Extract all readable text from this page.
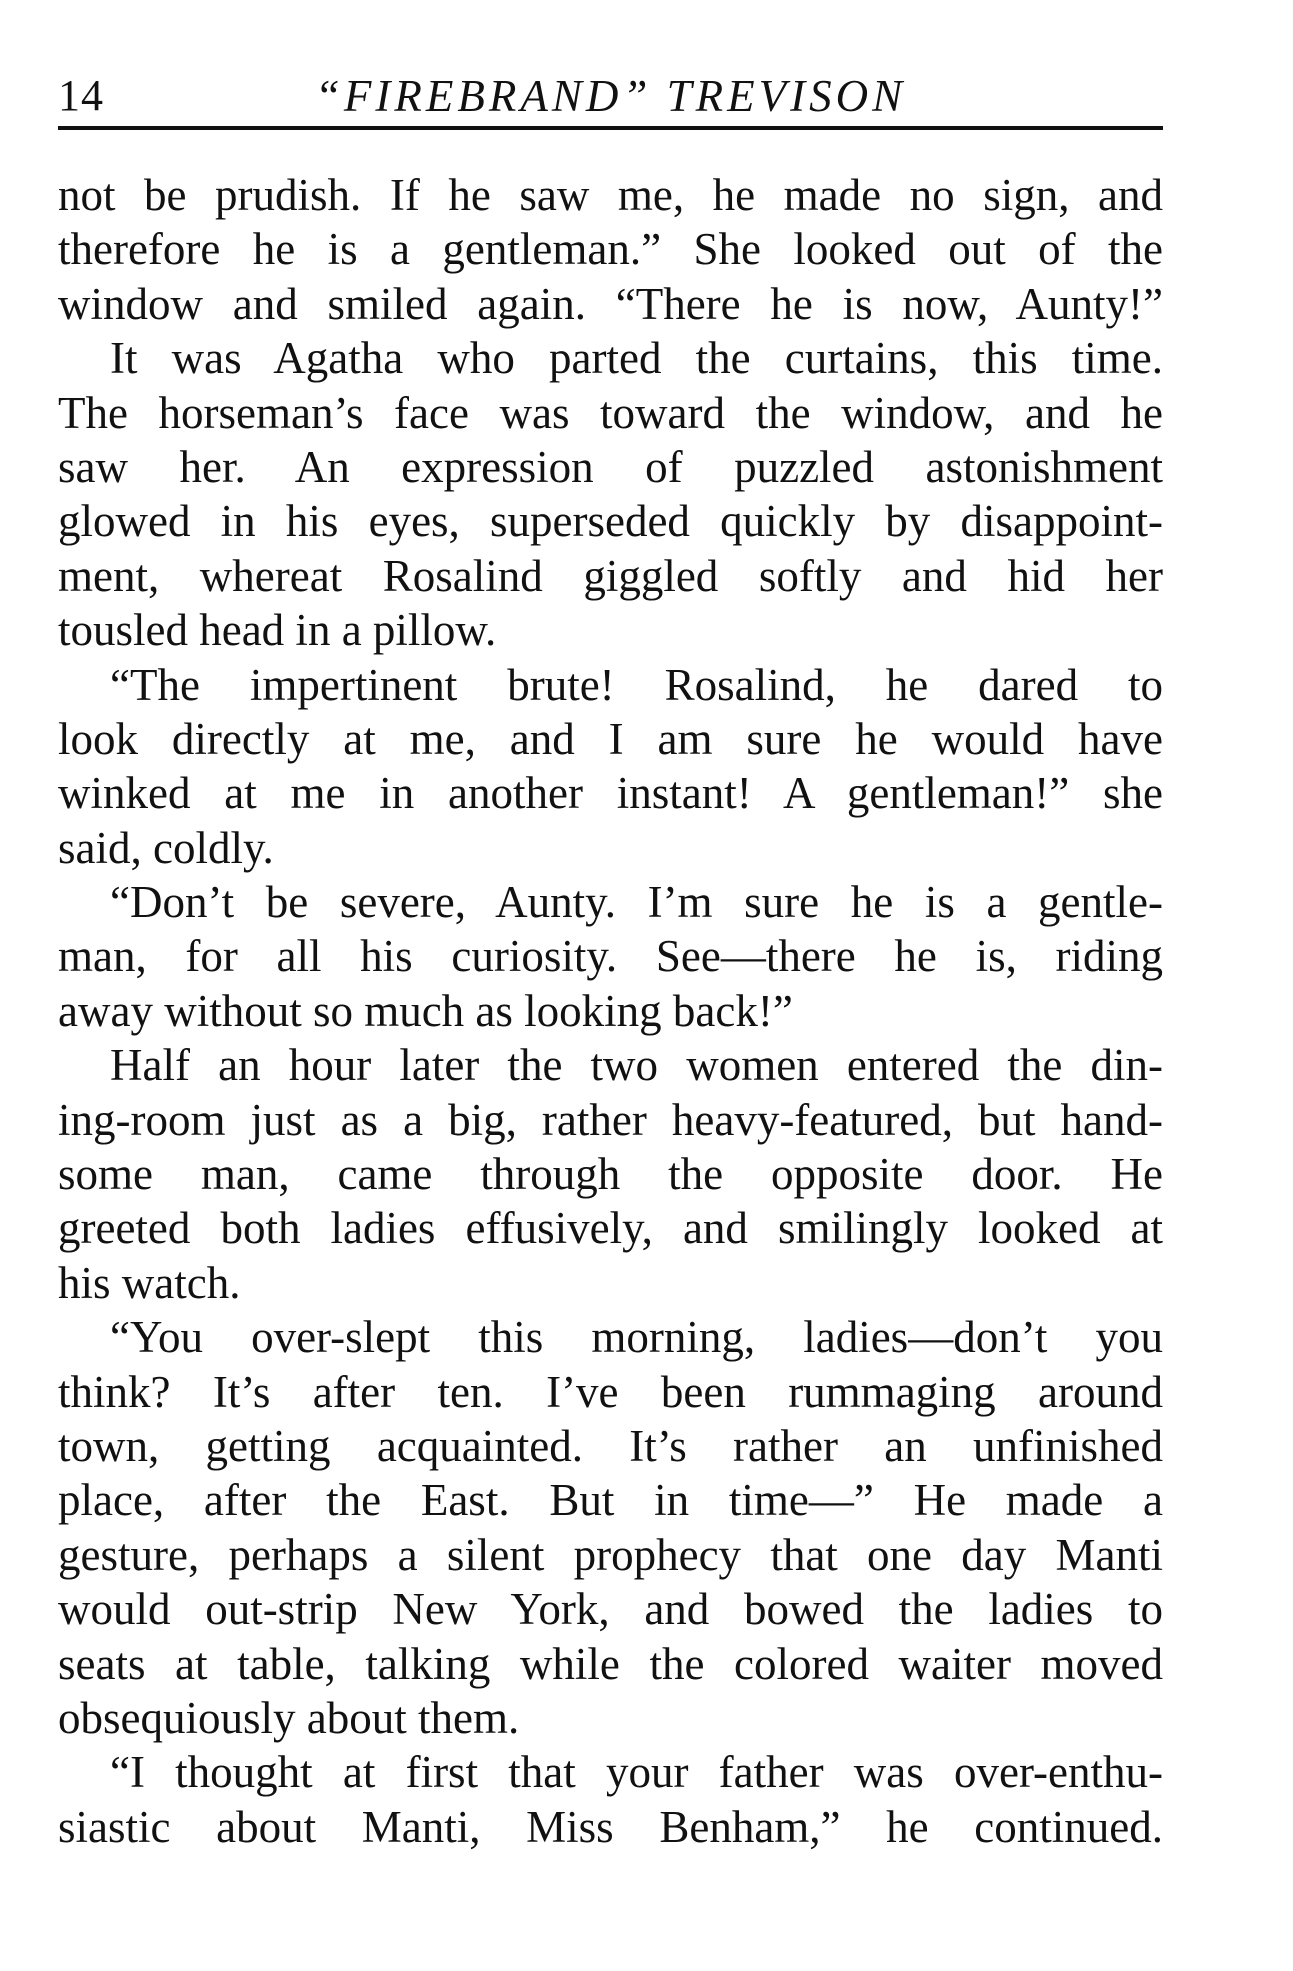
14	“FIREBRAND” TREVISON
not be prudish. If he saw me, he made no sign, and
therefore he is a gentleman.” She looked out of the
window and smiled again. “There he is now, Aunty!”
It was Agatha who parted the curtains, this time.
The horseman’s face was toward the window, and he
saw her. An expression of puzzled astonishment
glowed in his eyes, superseded quickly by disappoint-
ment, whereat Rosalind giggled softly and hid her
tousled head in a pillow.
“The impertinent brute! Rosalind, he dared to
look directly at me, and I am sure he would have
winked at me in another instant! A gentleman!” she
said, coldly.
“Don’t be severe, Aunty. I’m sure he is a gentle-
man, for all his curiosity. See—there he is, riding
away without so much as looking back!”
Half an hour later the two women entered the din-
ing-room just as a big, rather heavy-featured, but hand-
some man, came through the opposite door. He
greeted both ladies effusively, and smilingly looked at
his watch.
“You over-slept this morning, ladies—don’t you
think? It’s after ten. I’ve been rummaging around
town, getting acquainted. It’s rather an unfinished
place, after the East. But in time—” He made a
gesture, perhaps a silent prophecy that one day Manti
would out-strip New York, and bowed the ladies to
seats at table, talking while the colored waiter moved
obsequiously about them.
“I thought at first that your father was over-enthu-
siastic about Manti, Miss Benham,” he continued.
